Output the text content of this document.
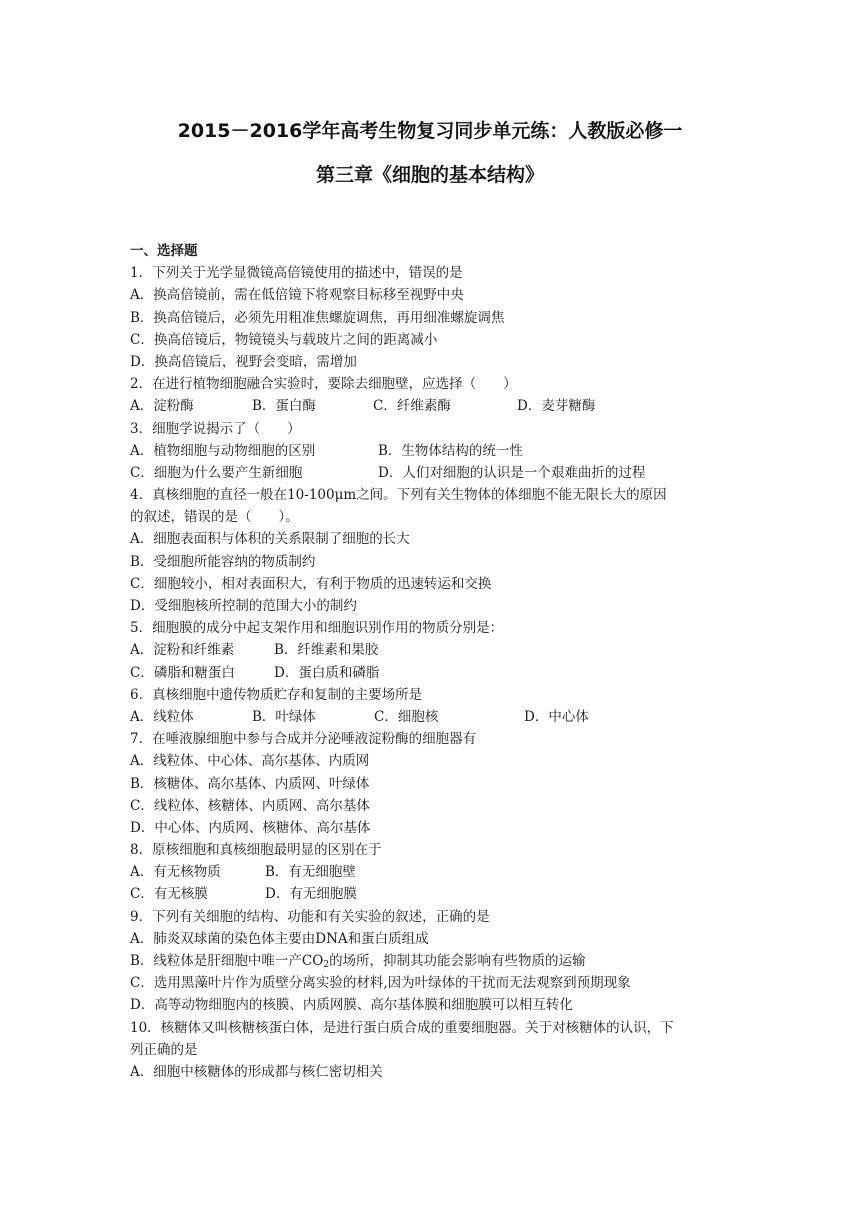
2015－2016学年高考生物复习同步单元练：人教版必修一
第三章《细胞的基本结构》
一、选择题
1．下列关于光学显微镜高倍镜使用的描述中，错误的是
A．换高倍镜前，需在低倍镜下将观察目标移至视野中央
B．换高倍镜后，必须先用粗准焦螺旋调焦，再用细准螺旋调焦
C．换高倍镜后，物镜镜头与载玻片之间的距离减小
D．换高倍镜后，视野会变暗，需增加
2．在进行植物细胞融合实验时，要除去细胞壁，应选择（　　）
A．淀粉酶	B．蛋白酶	C．纤维素酶	D．麦芽糖酶
3．细胞学说揭示了（　　）
A．植物细胞与动物细胞的区别	B．生物体结构的统一性
C．细胞为什么要产生新细胞	D．人们对细胞的认识是一个艰难曲折的过程
4．真核细胞的直径一般在10-100μm之间。下列有关生物体的体细胞不能无限长大的原因
的叙述，错误的是（　　）。
A．细胞表面积与体积的关系限制了细胞的长大
B．受细胞所能容纳的物质制约
C．细胞较小，相对表面积大，有利于物质的迅速转运和交换
D．受细胞核所控制的范围大小的制约
5．细胞膜的成分中起支架作用和细胞识别作用的物质分别是：
A．淀粉和纤维素	B．纤维素和果胶
C．磷脂和糖蛋白	D．蛋白质和磷脂
6．真核细胞中遗传物质贮存和复制的主要场所是
A．线粒体	B．叶绿体	C．细胞核	D．中心体
7．在唾液腺细胞中参与合成并分泌唾液淀粉酶的细胞器有
A．线粒体、中心体、高尔基体、内质网
B．核糖体、高尔基体、内质网、叶绿体
C．线粒体、核糖体、内质网、高尔基体
D．中心体、内质网、核糖体、高尔基体
8．原核细胞和真核细胞最明显的区别在于
A．有无核物质	B．有无细胞壁
C．有无核膜	D．有无细胞膜
9．下列有关细胞的结构、功能和有关实验的叙述，正确的是
A．肺炎双球菌的染色体主要由DNA和蛋白质组成
B．线粒体是肝细胞中唯一产$CO_2$的场所，抑制其功能会影响有些物质的运输
C．选用黑藻叶片作为质壁分离实验的材料,因为叶绿体的干扰而无法观察到预期现象
D．高等动物细胞内的核膜、内质网膜、高尔基体膜和细胞膜可以相互转化
10．核糖体又叫核糖核蛋白体，是进行蛋白质合成的重要细胞器。关于对核糖体的认识，下
列正确的是
A．细胞中核糖体的形成都与核仁密切相关
